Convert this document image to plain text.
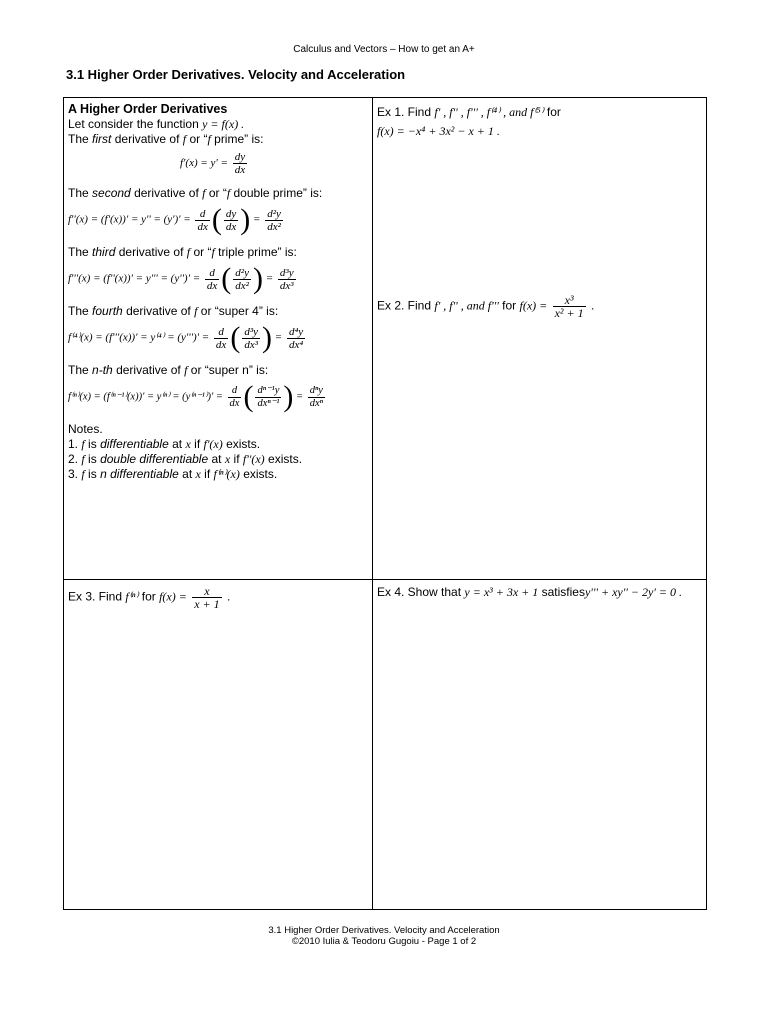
Calculus and Vectors – How to get an A+
3.1 Higher Order Derivatives. Velocity and Acceleration
A Higher Order Derivatives
Let consider the function y = f(x) .
The first derivative of f or “f prime” is:
$f'(x) = y' = \frac{dy}{dx}$
The second derivative of f or “f double prime” is:
$f''(x) = (f'(x))' = y'' = (y')' = \frac{d}{dx}$ ( $\frac{dy}{dx}$ ) = $\frac{\text{d²y}}{\text{dx²}}$
The third derivative of f or “f triple prime” is:
$f'''(x) = (f''(x))' = y''' = (y'')' = \frac{d}{dx}$ ( $\frac{\text{d²y}}{\text{dx²}}$ ) = $\frac{\text{d³y}}{\text{dx³}}$
The fourth derivative of f or “super 4” is:
$f^{(4)}(x) = (f'''(x))' = y^{(4)} = (y''')' = \frac{d}{dx}$ ( $\frac{\text{d³y}}{\text{dx³}}$ ) = $\frac{\text{d⁴y}}{\text{dx⁴}}$
The n-th derivative of f or “super n” is:
$f^{(n)}(x) = (f^{(n-1)}(x))' = y^{(n)} = (y^{(n-1)})' = \frac{d}{dx}$ ( $\frac{\text{dⁿ⁻¹y}}{\text{dxⁿ⁻¹}}$ ) = $\frac{\text{dⁿy}}{\text{dxⁿ}}$
Notes.
1. f is differentiable at x if f'(x) exists.
2. f is double differentiable at x if f''(x) exists.
3. f is n differentiable at x if f⁽ⁿ⁾(x) exists.
Ex 1. Find f' , f'' , f''' , f⁽⁴⁾ , and f⁽⁵⁾ for
f(x) = −x⁴ + 3x² − x + 1 .
Ex 2. Find f' , f'' , and f''' for $f(x) = \frac{\text{x³}}{\text{x² + 1}}$ .
Ex 3. Find f⁽ⁿ⁾ for $f(x) = \frac{x}{x + 1}$ .	Ex 4. Show that y = x³ + 3x + 1 satisfiesy''' + xy'' − 2y' = 0 .
3.1 Higher Order Derivatives. Velocity and Acceleration
©2010 Iulia & Teodoru Gugoiu - Page 1 of 2
